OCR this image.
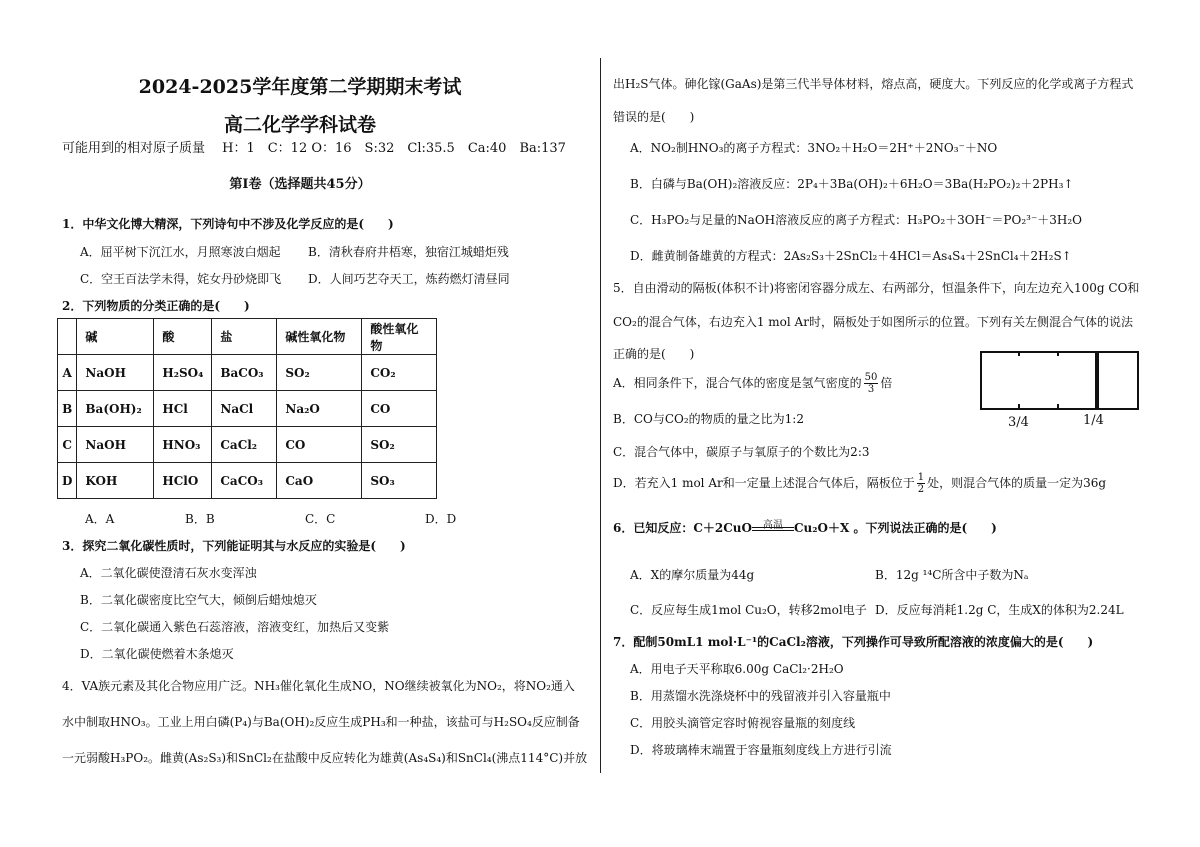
2024-2025学年度第二学期期末考试
高二化学学科试卷
可能用到的相对原子质量　 H：1　C：12 O：16　S:32　Cl:35.5　Ca:40　Ba:137
第Ⅰ卷（选择题共45分）
1．中华文化博大精深，下列诗句中不涉及化学反应的是(　　)
A．屈平树下沉江水，月照寒波白烟起 B．清秋春府井梧寒，独宿江城蜡炬残
C．空王百法学未得，姹女丹砂烧即飞 D．人间巧艺夺天工，炼药燃灯清昼同
2．下列物质的分类正确的是(　　)
	碱	酸	盐	碱性氧化物	酸性氧化物
A	NaOH	H₂SO₄	BaCO₃	SO₂	CO₂
B	Ba(OH)₂	HCl	NaCl	Na₂O	CO
C	NaOH	HNO₃	CaCl₂	CO	SO₂
D	KOH	HClO	CaCO₃	CaO	SO₃
A．A	B．B	C．C	D．D
3．探究二氧化碳性质时，下列能证明其与水反应的实验是(　　)
A．二氧化碳使澄清石灰水变浑浊
B．二氧化碳密度比空气大，倾倒后蜡烛熄灭
C．二氧化碳通入紫色石蕊溶液，溶液变红，加热后又变紫
D．二氧化碳使燃着木条熄灭
4．VA族元素及其化合物应用广泛。NH₃催化氧化生成NO，NO继续被氧化为NO₂，将NO₂通入
水中制取HNO₃。工业上用白磷(P₄)与Ba(OH)₂反应生成PH₃和一种盐，该盐可与H₂SO₄反应制备
一元弱酸H₃PO₂。雌黄(As₂S₃)和SnCl₂在盐酸中反应转化为雄黄(As₄S₄)和SnCl₄(沸点114°C)并放
出H₂S气体。砷化镓(GaAs)是第三代半导体材料，熔点高，硬度大。下列反应的化学或离子方程式
错误的是(　　)
A．NO₂制HNO₃的离子方程式：3NO₂＋H₂O＝2H⁺＋2NO₃⁻＋NO
B．白磷与Ba(OH)₂溶液反应：2P₄＋3Ba(OH)₂＋6H₂O＝3Ba(H₂PO₂)₂＋2PH₃↑
C．H₃PO₂与足量的NaOH溶液反应的离子方程式：H₃PO₂＋3OH⁻＝PO₂³⁻＋3H₂O
D．雌黄制备雄黄的方程式：2As₂S₃＋2SnCl₂＋4HCl＝As₄S₄＋2SnCl₄＋2H₂S↑
5．自由滑动的隔板(体积不计)将密闭容器分成左、右两部分，恒温条件下，向左边充入100g CO和
CO₂的混合气体，右边充入1 mol Ar时，隔板处于如图所示的位置。下列有关左侧混合气体的说法
正确的是(　　)
A．相同条件下，混合气体的密度是氢气密度的 $\frac{50}{3}$ 倍
B．CO与CO₂的物质的量之比为1:2
C．混合气体中，碳原子与氧原子的个数比为2:3
D．若充入1 mol Ar和一定量上述混合气体后，隔板位于 $\frac{1}{2}$ 处，则混合气体的质量一定为36g
6．已知反应：C＋2CuO	高温 Cu₂O＋X 。下列说法正确的是(　　)
A．X的摩尔质量为44g	B．12g ¹⁴C所含中子数为Nₐ
C．反应每生成1mol Cu₂O，转移2mol电子 D．反应每消耗1.2g C，生成X的体积为2.24L
7．配制50mL1 mol·L⁻¹的CaCl₂溶液，下列操作可导致所配溶液的浓度偏大的是(　　)
A．用电子天平称取6.00g CaCl₂·2H₂O
B．用蒸馏水洗涤烧杯中的残留液并引入容量瓶中
C．用胶头滴管定容时俯视容量瓶的刻度线
D．将玻璃棒末端置于容量瓶刻度线上方进行引流
3/4	1/4
